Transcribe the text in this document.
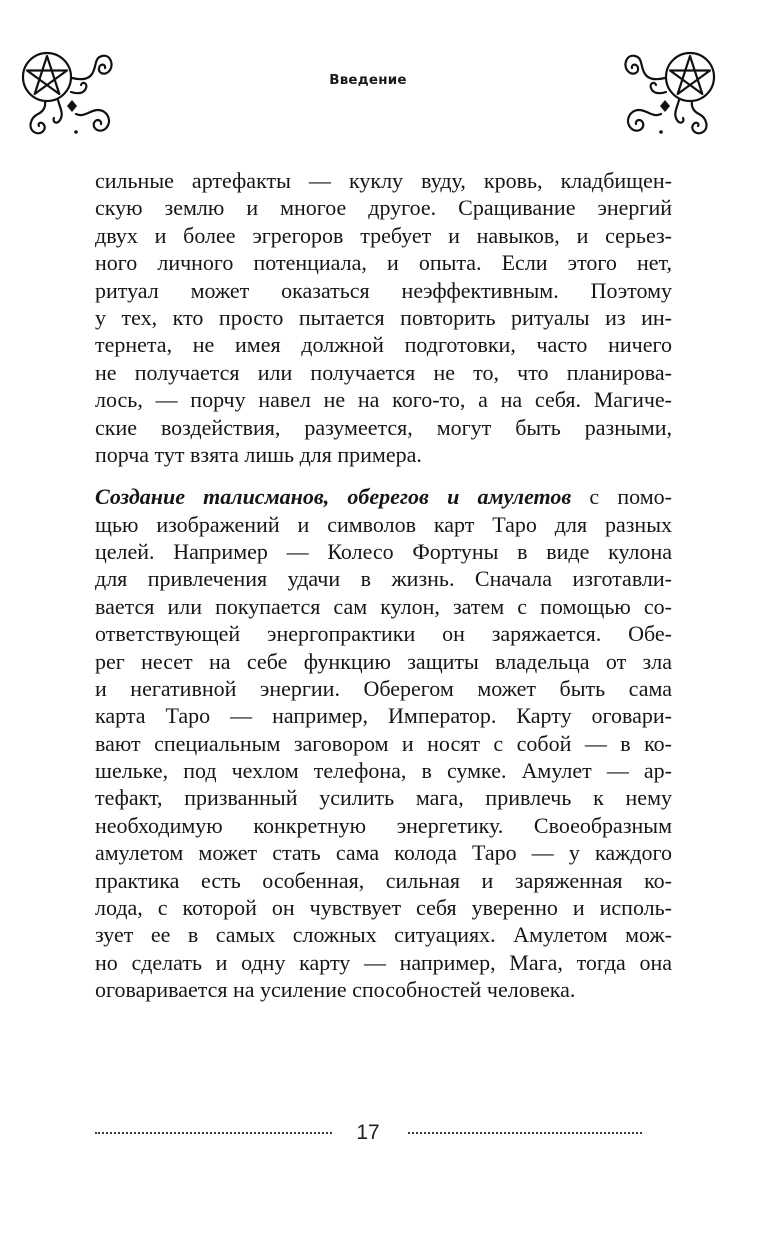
Введение
сильные артефакты — куклу вуду, кровь, кладбищен-
скую землю и многое другое. Сращивание энергий
двух и более эгрегоров требует и навыков, и серьез-
ного личного потенциала, и опыта. Если этого нет,
ритуал может оказаться неэффективным. Поэтому
у тех, кто просто пытается повторить ритуалы из ин-
тернета, не имея должной подготовки, часто ничего
не получается или получается не то, что планирова-
лось, — порчу навел не на кого-то, а на себя. Магиче-
ские воздействия, разумеется, могут быть разными,
порча тут взята лишь для примера.
Создание талисманов, оберегов и амулетов с помо-
щью изображений и символов карт Таро для разных
целей. Например — Колесо Фортуны в виде кулона
для привлечения удачи в жизнь. Сначала изготавли-
вается или покупается сам кулон, затем с помощью со-
ответствующей энергопрактики он заряжается. Обе-
рег несет на себе функцию защиты владельца от зла
и негативной энергии. Оберегом может быть сама
карта Таро — например, Император. Карту оговари-
вают специальным заговором и носят с собой — в ко-
шельке, под чехлом телефона, в сумке. Амулет — ар-
тефакт, призванный усилить мага, привлечь к нему
необходимую конкретную энергетику. Своеобразным
амулетом может стать сама колода Таро — у каждого
практика есть особенная, сильная и заряженная ко-
лода, с которой он чувствует себя уверенно и исполь-
зует ее в самых сложных ситуациях. Амулетом мож-
но сделать и одну карту — например, Мага, тогда она
оговаривается на усиление способностей человека.
17
